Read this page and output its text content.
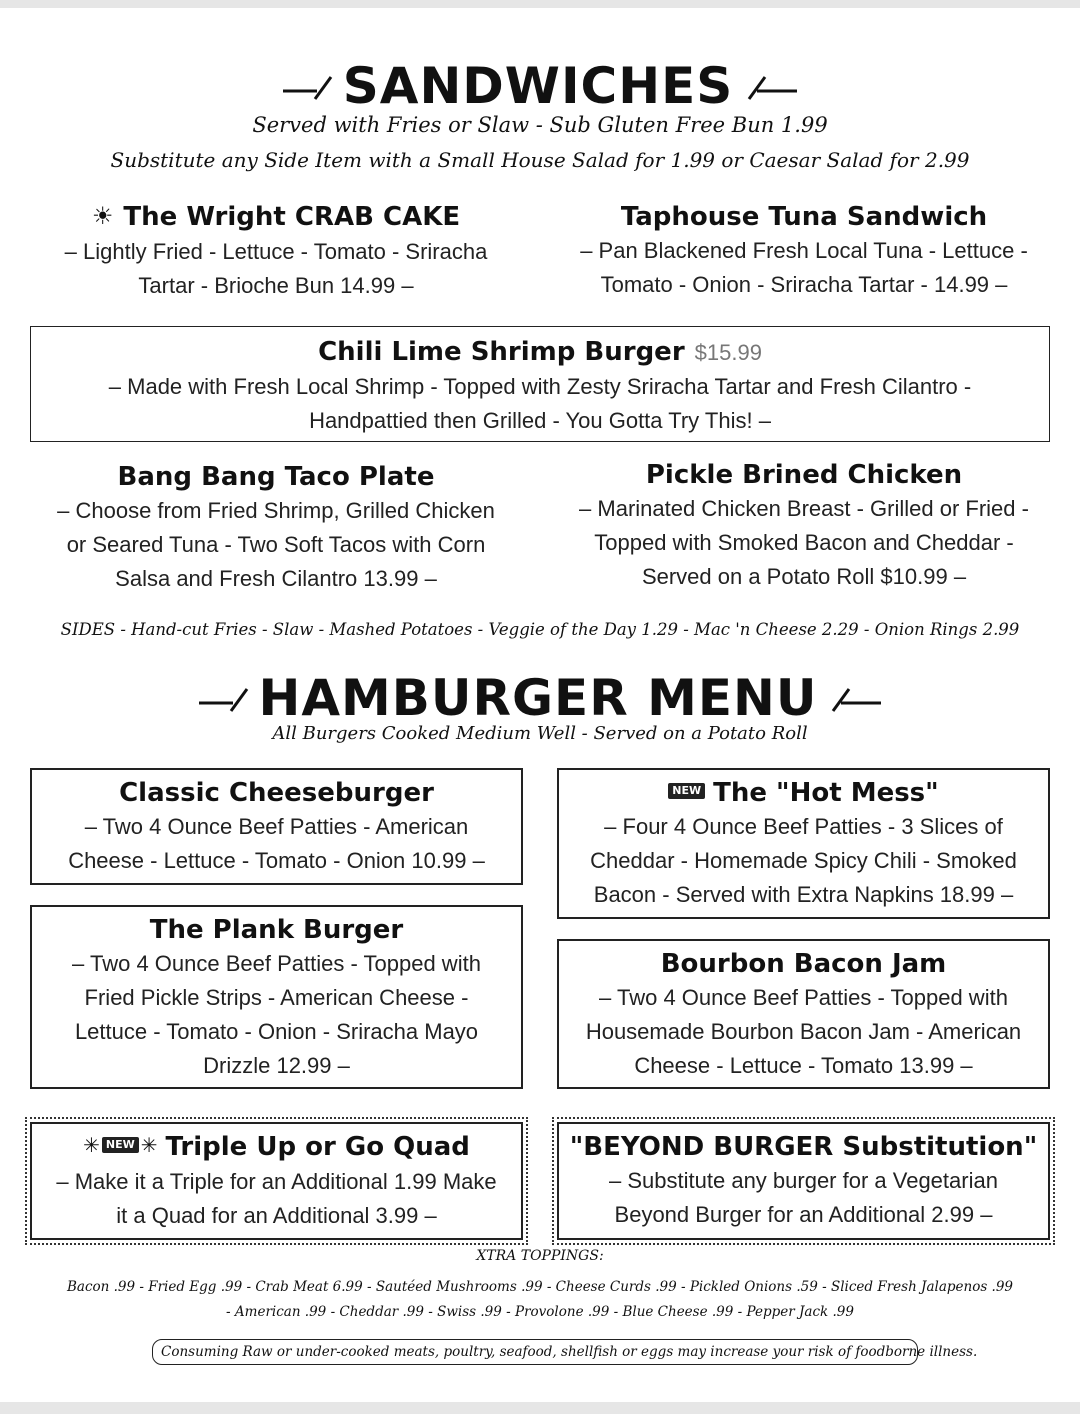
SANDWICHES
Served with Fries or Slaw - Sub Gluten Free Bun 1.99
Substitute any Side Item with a Small House Salad for 1.99 or Caesar Salad for 2.99
☀ The Wright CRAB CAKE
– Lightly Fried - Lettuce - Tomato - Sriracha
Tartar - Brioche Bun 14.99 –
Taphouse Tuna Sandwich
– Pan Blackened Fresh Local Tuna - Lettuce -
Tomato - Onion - Sriracha Tartar - 14.99 –
Chili Lime Shrimp Burger $15.99
– Made with Fresh Local Shrimp - Topped with Zesty Sriracha Tartar and Fresh Cilantro -
Handpattied then Grilled - You Gotta Try This! –
Bang Bang Taco Plate
– Choose from Fried Shrimp, Grilled Chicken
or Seared Tuna - Two Soft Tacos with Corn
Salsa and Fresh Cilantro 13.99 –
Pickle Brined Chicken
– Marinated Chicken Breast - Grilled or Fried -
Topped with Smoked Bacon and Cheddar -
Served on a Potato Roll $10.99 –
SIDES - Hand-cut Fries - Slaw - Mashed Potatoes - Veggie of the Day 1.29 - Mac 'n Cheese 2.29 - Onion Rings 2.99
HAMBURGER MENU
All Burgers Cooked Medium Well - Served on a Potato Roll
Classic Cheeseburger
– Two 4 Ounce Beef Patties - American
Cheese - Lettuce - Tomato - Onion 10.99 –
NEW The "Hot Mess"
– Four 4 Ounce Beef Patties - 3 Slices of
Cheddar - Homemade Spicy Chili - Smoked
Bacon - Served with Extra Napkins 18.99 –
The Plank Burger
– Two 4 Ounce Beef Patties - Topped with
Fried Pickle Strips - American Cheese -
Lettuce - Tomato - Onion - Sriracha Mayo
Drizzle 12.99 –
Bourbon Bacon Jam
– Two 4 Ounce Beef Patties - Topped with
Housemade Bourbon Bacon Jam - American
Cheese - Lettuce - Tomato 13.99 –
✳ NEW ✳ Triple Up or Go Quad
– Make it a Triple for an Additional 1.99 Make
it a Quad for an Additional 3.99 –
"BEYOND BURGER Substitution"
– Substitute any burger for a Vegetarian
Beyond Burger for an Additional 2.99 –
XTRA TOPPINGS:
Bacon .99 - Fried Egg .99 - Crab Meat 6.99 - Sautéed Mushrooms .99 - Cheese Curds .99 - Pickled Onions .59 - Sliced Fresh Jalapenos .99
- American .99 - Cheddar .99 - Swiss .99 - Provolone .99 - Blue Cheese .99 - Pepper Jack .99
Consuming Raw or under-cooked meats, poultry, seafood, shellfish or eggs may increase your risk of foodborne illness.
